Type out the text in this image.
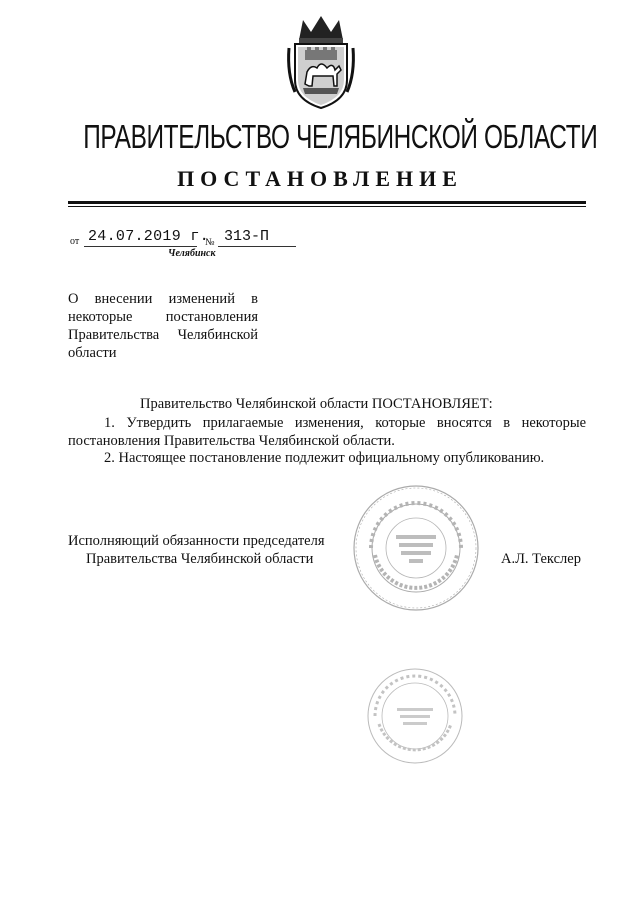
ПРАВИТЕЛЬСТВО ЧЕЛЯБИНСКОЙ ОБЛАСТИ
ПОСТАНОВЛЕНИЕ
от 24.07.2019 г.
№ 313-П
Челябинск
О внесении изменений в некоторые постановления Правительства Челябинской области
Правительство Челябинской области ПОСТАНОВЛЯЕТ:
1. Утвердить прилагаемые изменения, которые вносятся в некоторые постановления Правительства Челябинской области.
2. Настоящее постановление подлежит официальному опубликованию.
Исполняющий обязанности председателя
Правительства Челябинской области	А.Л. Текслер
